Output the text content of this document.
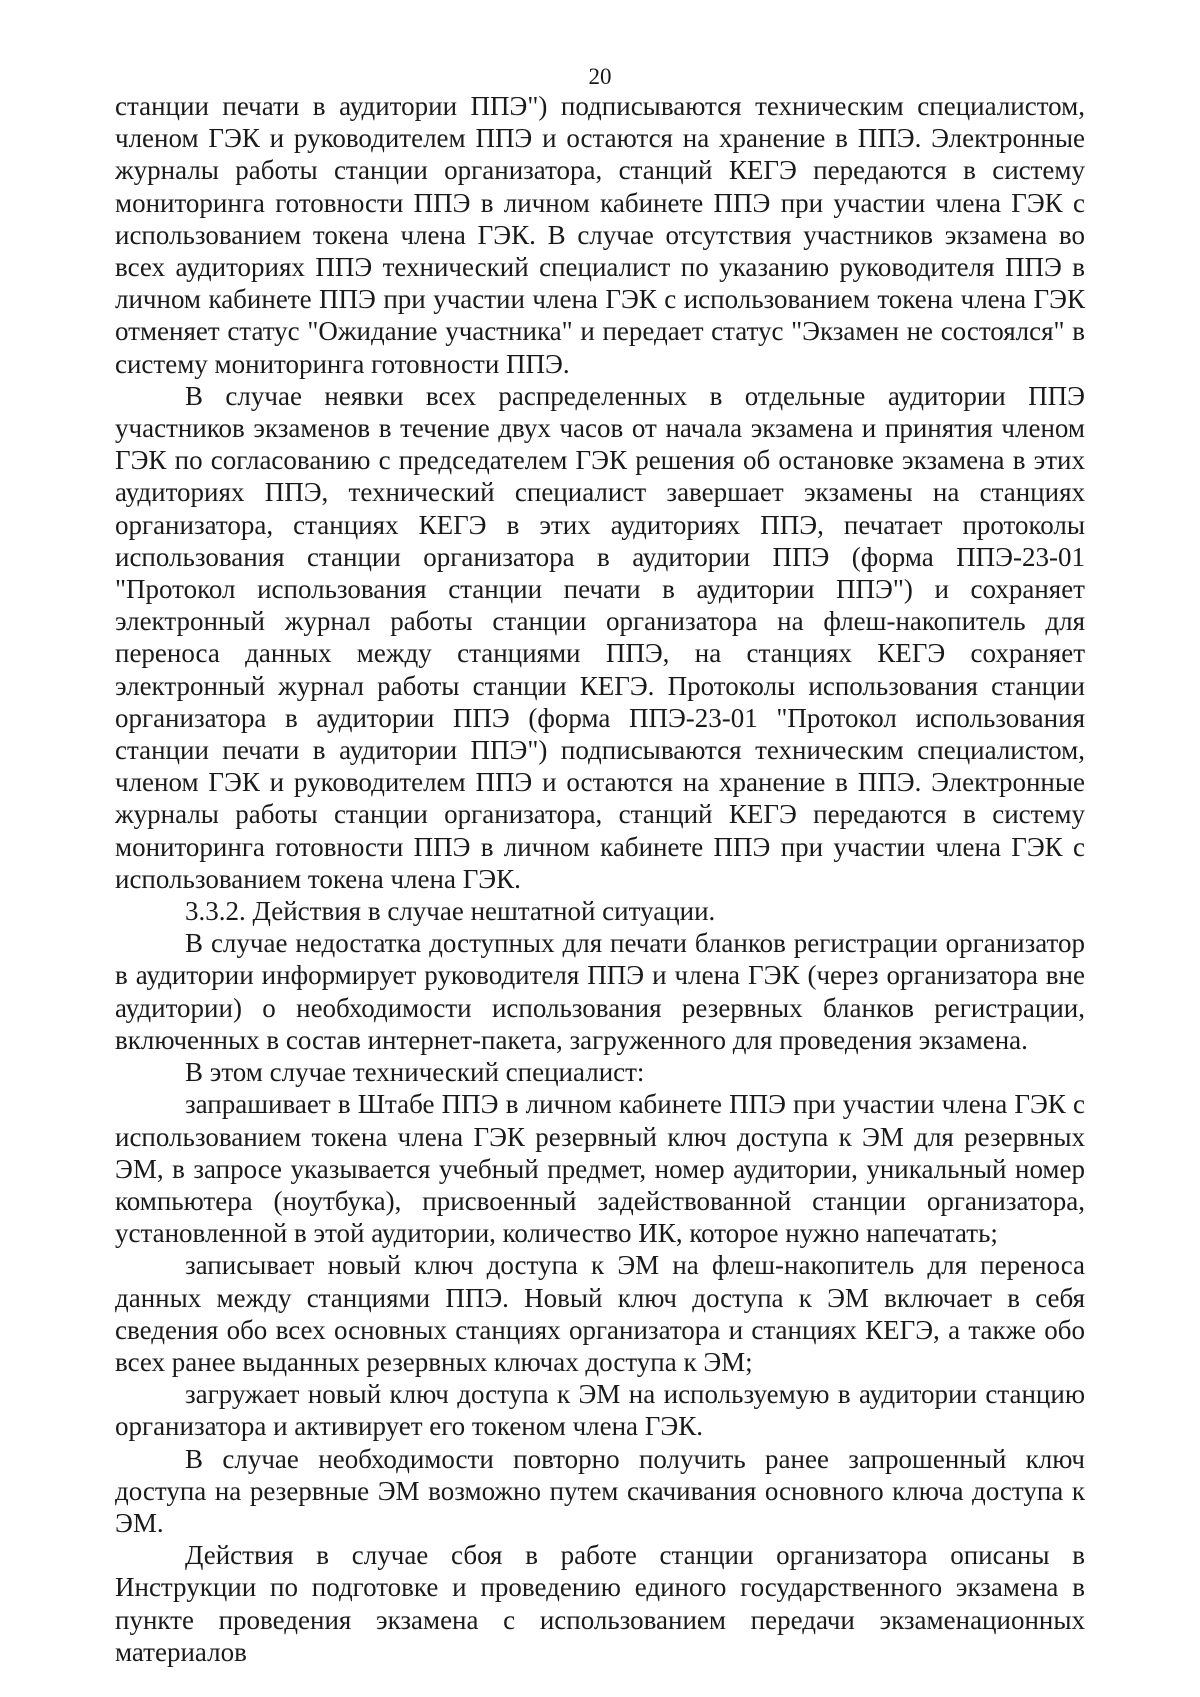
20

станции печати в аудитории ППЭ") подписываются техническим специалистом, членом ГЭК и руководителем ППЭ и остаются на хранение в ППЭ. Электронные журналы работы станции организатора, станций КЕГЭ передаются в систему мониторинга готовности ППЭ в личном кабинете ППЭ при участии члена ГЭК с использованием токена члена ГЭК. В случае отсутствия участников экзамена во всех аудиториях ППЭ технический специалист по указанию руководителя ППЭ в личном кабинете ППЭ при участии члена ГЭК с использованием токена члена ГЭК отменяет статус "Ожидание участника" и передает статус "Экзамен не состоялся" в систему мониторинга готовности ППЭ.

В случае неявки всех распределенных в отдельные аудитории ППЭ участников экзаменов в течение двух часов от начала экзамена и принятия членом ГЭК по согласованию с председателем ГЭК решения об остановке экзамена в этих аудиториях ППЭ, технический специалист завершает экзамены на станциях организатора, станциях КЕГЭ в этих аудиториях ППЭ, печатает протоколы использования станции организатора в аудитории ППЭ (форма ППЭ-23-01 "Протокол использования станции печати в аудитории ППЭ") и сохраняет электронный журнал работы станции организатора на флеш-накопитель для переноса данных между станциями ППЭ, на станциях КЕГЭ сохраняет электронный журнал работы станции КЕГЭ. Протоколы использования станции организатора в аудитории ППЭ (форма ППЭ-23-01 "Протокол использования станции печати в аудитории ППЭ") подписываются техническим специалистом, членом ГЭК и руководителем ППЭ и остаются на хранение в ППЭ. Электронные журналы работы станции организатора, станций КЕГЭ передаются в систему мониторинга готовности ППЭ в личном кабинете ППЭ при участии члена ГЭК с использованием токена члена ГЭК.

3.3.2. Действия в случае нештатной ситуации.

В случае недостатка доступных для печати бланков регистрации организатор в аудитории информирует руководителя ППЭ и члена ГЭК (через организатора вне аудитории) о необходимости использования резервных бланков регистрации, включенных в состав интернет-пакета, загруженного для проведения экзамена.

В этом случае технический специалист:

запрашивает в Штабе ППЭ в личном кабинете ППЭ при участии члена ГЭК с использованием токена члена ГЭК резервный ключ доступа к ЭМ для резервных ЭМ, в запросе указывается учебный предмет, номер аудитории, уникальный номер компьютера (ноутбука), присвоенный задействованной станции организатора, установленной в этой аудитории, количество ИК, которое нужно напечатать;

записывает новый ключ доступа к ЭМ на флеш-накопитель для переноса данных между станциями ППЭ. Новый ключ доступа к ЭМ включает в себя сведения обо всех основных станциях организатора и станциях КЕГЭ, а также обо всех ранее выданных резервных ключах доступа к ЭМ;

загружает новый ключ доступа к ЭМ на используемую в аудитории станцию организатора и активирует его токеном члена ГЭК.

В случае необходимости повторно получить ранее запрошенный ключ доступа на резервные ЭМ возможно путем скачивания основного ключа доступа к ЭМ.

Действия в случае сбоя в работе станции организатора описаны в Инструкции по подготовке и проведению единого государственного экзамена в пункте проведения экзамена с использованием передачи экзаменационных материалов
